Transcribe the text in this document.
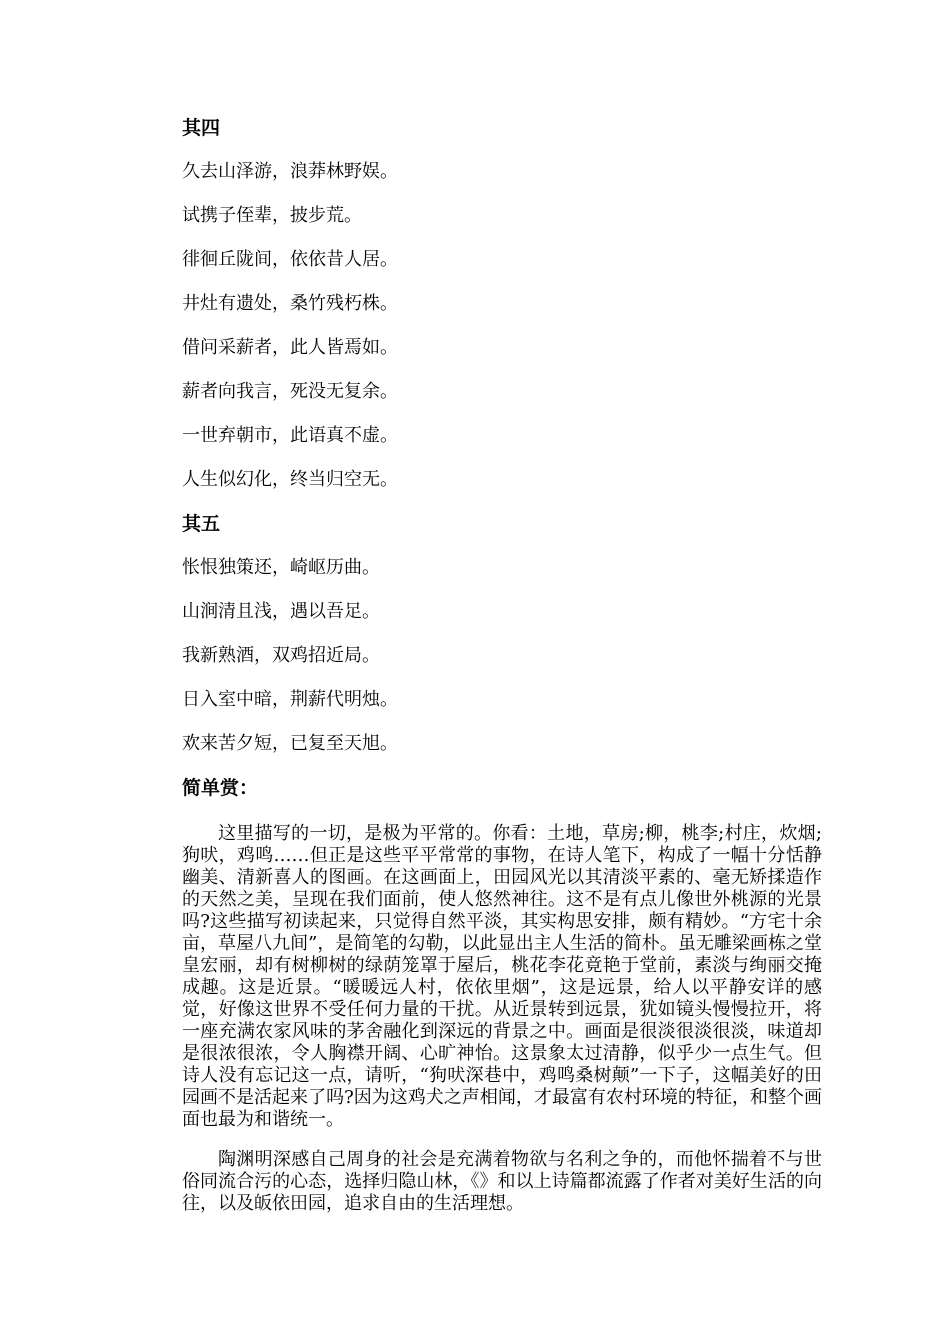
其四
久去山泽游，浪莽林野娱。
试携子侄辈，披步荒。
徘徊丘陇间，依依昔人居。
井灶有遗处，桑竹残朽株。
借问采薪者，此人皆焉如。
薪者向我言，死没无复余。
一世弃朝市，此语真不虚。
人生似幻化，终当归空无。
其五
怅恨独策还，崎岖历曲。
山涧清且浅，遇以吾足。
我新熟酒，双鸡招近局。
日入室中暗，荆薪代明烛。
欢来苦夕短，已复至天旭。
简单赏：
这里描写的一切，是极为平常的。你看：土地，草房;柳，桃李;村庄，炊烟;狗吠，鸡鸣……但正是这些平平常常的事物，在诗人笔下，构成了一幅十分恬静幽美、清新喜人的图画。在这画面上，田园风光以其清淡平素的、毫无矫揉造作的天然之美，呈现在我们面前，使人悠然神往。这不是有点儿像世外桃源的光景吗?这些描写初读起来，只觉得自然平淡，其实构思安排，颇有精妙。“方宅十余亩，草屋八九间”，是简笔的勾勒，以此显出主人生活的简朴。虽无雕梁画栋之堂皇宏丽，却有树柳树的绿荫笼罩于屋后，桃花李花竟艳于堂前，素淡与绚丽交掩成趣。这是近景。“暖暖远人村，依依里烟”，这是远景，给人以平静安详的感觉，好像这世界不受任何力量的干扰。从近景转到远景，犹如镜头慢慢拉开，将一座充满农家风味的茅舍融化到深远的背景之中。画面是很淡很淡很淡，味道却是很浓很浓，令人胸襟开阔、心旷神怡。这景象太过清静，似乎少一点生气。但诗人没有忘记这一点，请听，“狗吠深巷中，鸡鸣桑树颠”一下子，这幅美好的田园画不是活起来了吗?因为这鸡犬之声相闻，才最富有农村环境的特征，和整个画面也最为和谐统一。
陶渊明深感自己周身的社会是充满着物欲与名利之争的，而他怀揣着不与世俗同流合污的心态，选择归隐山林，《》和以上诗篇都流露了作者对美好生活的向往，以及皈依田园，追求自由的生活理想。
